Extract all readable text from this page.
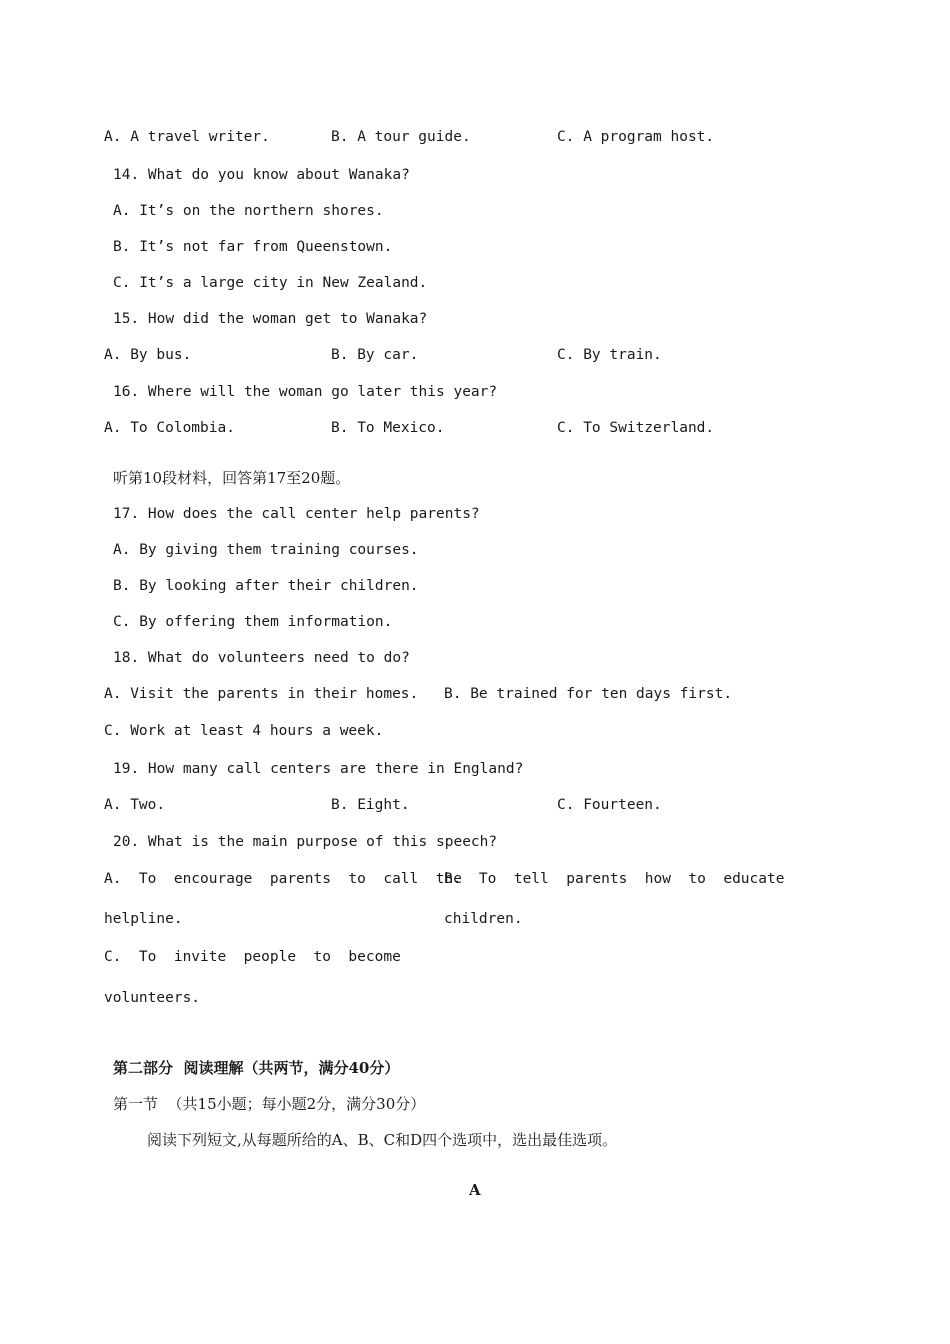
A. A travel writer.	B. A tour guide.	C. A program host.
14. What do you know about Wanaka?
A. It’s on the northern shores.
B. It’s not far from Queenstown.
C. It’s a large city in New Zealand.
15. How did the woman get to Wanaka?
A. By bus.	B. By car.	C. By train.
16. Where will the woman go later this year?
A. To Colombia.	B. To Mexico.	C. To Switzerland.
听第10段材料，回答第17至20题。
17. How does the call center help parents?
A. By giving them training courses.
B. By looking after their children.
C. By offering them information.
18. What do volunteers need to do?
A. Visit the parents in their homes. B. Be trained for ten days first.
C. Work at least 4 hours a week.
19. How many call centers are there in England?
A. Two.	B. Eight.	C. Fourteen.
20. What is the main purpose of this speech?
A.  To  encourage  parents  to  call  the
helpline.
B.  To  tell  parents  how  to  educate
children.
C.  To  invite  people  to  become
volunteers.
第二部分  阅读理解（共两节，满分40分）
第一节  （共15小题；每小题2分，满分30分）
阅读下列短文,从每题所给的A、B、C和D四个选项中，选出最佳选项。
A
